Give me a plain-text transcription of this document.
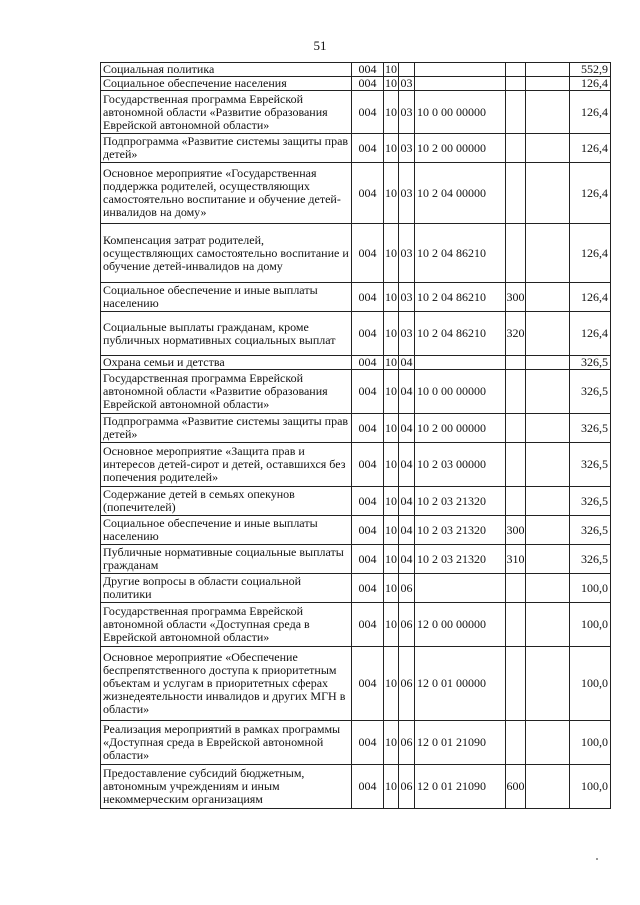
51
Социальная политика	004	10					552,9
Социальное обеспечение населения	004	10	03				126,4
Государственная программа Еврейской автономной области «Развитие образования Еврейской автономной области»	004	10	03	10 0 00 00000			126,4
Подпрограмма «Развитие системы защиты прав детей»	004	10	03	10 2 00 00000			126,4
Основное мероприятие «Государственная поддержка родителей, осуществляющих самостоятельно воспитание и обучение детей-инвалидов на дому»	004	10	03	10 2 04 00000			126,4
Компенсация затрат родителей, осуществляющих самостоятельно воспитание и обучение детей-инвалидов на дому	004	10	03	10 2 04 86210			126,4
Социальное обеспечение и иные выплаты населению	004	10	03	10 2 04 86210	300		126,4
Социальные выплаты гражданам, кроме публичных нормативных социальных выплат	004	10	03	10 2 04 86210	320		126,4
Охрана семьи и детства	004	10	04				326,5
Государственная программа Еврейской автономной области «Развитие образования Еврейской автономной области»	004	10	04	10 0 00 00000			326,5
Подпрограмма «Развитие системы защиты прав детей»	004	10	04	10 2 00 00000			326,5
Основное мероприятие «Защита прав и интересов детей-сирот и детей, оставшихся без попечения родителей»	004	10	04	10 2 03 00000			326,5
Содержание детей в семьях опекунов (попечителей)	004	10	04	10 2 03 21320			326,5
Социальное обеспечение и иные выплаты населению	004	10	04	10 2 03 21320	300		326,5
Публичные нормативные социальные выплаты гражданам	004	10	04	10 2 03 21320	310		326,5
Другие вопросы в области социальной политики	004	10	06				100,0
Государственная программа Еврейской автономной области «Доступная среда в Еврейской автономной области»	004	10	06	12 0 00 00000			100,0
Основное мероприятие «Обеспечение беспрепятственного доступа к приоритетным объектам и услугам в приоритетных сферах жизнедеятельности инвалидов и других МГН в области»	004	10	06	12 0 01 00000			100,0
Реализация мероприятий в рамках программы «Доступная среда в Еврейской автономной области»	004	10	06	12 0 01 21090			100,0
Предоставление субсидий бюджетным, автономным учреждениям и иным некоммерческим организациям	004	10	06	12 0 01 21090	600		100,0
